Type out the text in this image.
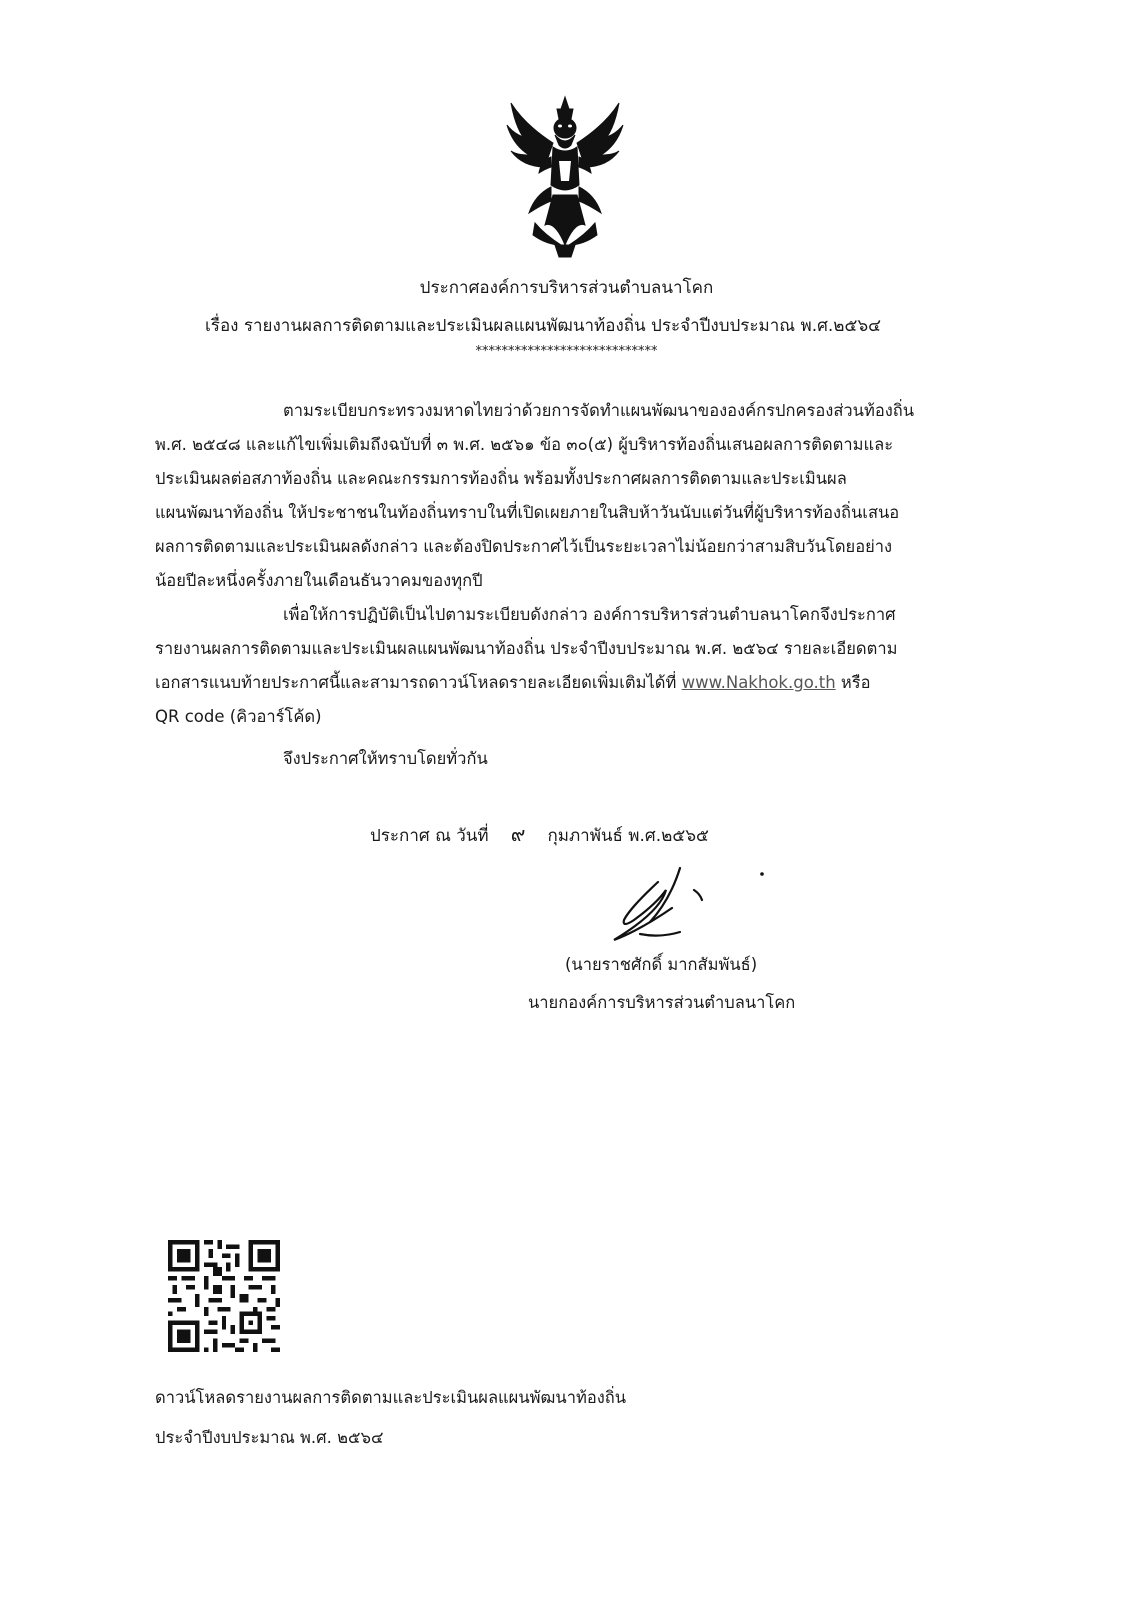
ประกาศองค์การบริหารส่วนตำบลนาโคก
เรื่อง รายงานผลการติดตามและประเมินผลแผนพัฒนาท้องถิ่น ประจำปีงบประมาณ พ.ศ.๒๕๖๔
****************************
ตามระเบียบกระทรวงมหาดไทยว่าด้วยการจัดทำแผนพัฒนาขององค์กรปกครองส่วนท้องถิ่น
พ.ศ. ๒๕๔๘ และแก้ไขเพิ่มเติมถึงฉบับที่ ๓ พ.ศ. ๒๕๖๑ ข้อ ๓๐(๕) ผู้บริหารท้องถิ่นเสนอผลการติดตามและ
ประเมินผลต่อสภาท้องถิ่น และคณะกรรมการท้องถิ่น พร้อมทั้งประกาศผลการติดตามและประเมินผล
แผนพัฒนาท้องถิ่น ให้ประชาชนในท้องถิ่นทราบในที่เปิดเผยภายในสิบห้าวันนับแต่วันที่ผู้บริหารท้องถิ่นเสนอ
ผลการติดตามและประเมินผลดังกล่าว และต้องปิดประกาศไว้เป็นระยะเวลาไม่น้อยกว่าสามสิบวันโดยอย่าง
น้อยปีละหนึ่งครั้งภายในเดือนธันวาคมของทุกปี
เพื่อให้การปฏิบัติเป็นไปตามระเบียบดังกล่าว องค์การบริหารส่วนตำบลนาโคกจึงประกาศ
รายงานผลการติดตามและประเมินผลแผนพัฒนาท้องถิ่น ประจำปีงบประมาณ พ.ศ. ๒๕๖๔ รายละเอียดตาม
เอกสารแนบท้ายประกาศนี้และสามารถดาวน์โหลดรายละเอียดเพิ่มเติมได้ที่ www.Nakhok.go.th หรือ
QR code (คิวอาร์โค้ด)
จึงประกาศให้ทราบโดยทั่วกัน
ประกาศ ณ วันที่ ๙ กุมภาพันธ์ พ.ศ.๒๕๖๕
(นายราชศักดิ์ มากสัมพันธ์)
นายกองค์การบริหารส่วนตำบลนาโคก
ดาวน์โหลดรายงานผลการติดตามและประเมินผลแผนพัฒนาท้องถิ่น
ประจำปีงบประมาณ พ.ศ. ๒๕๖๔
